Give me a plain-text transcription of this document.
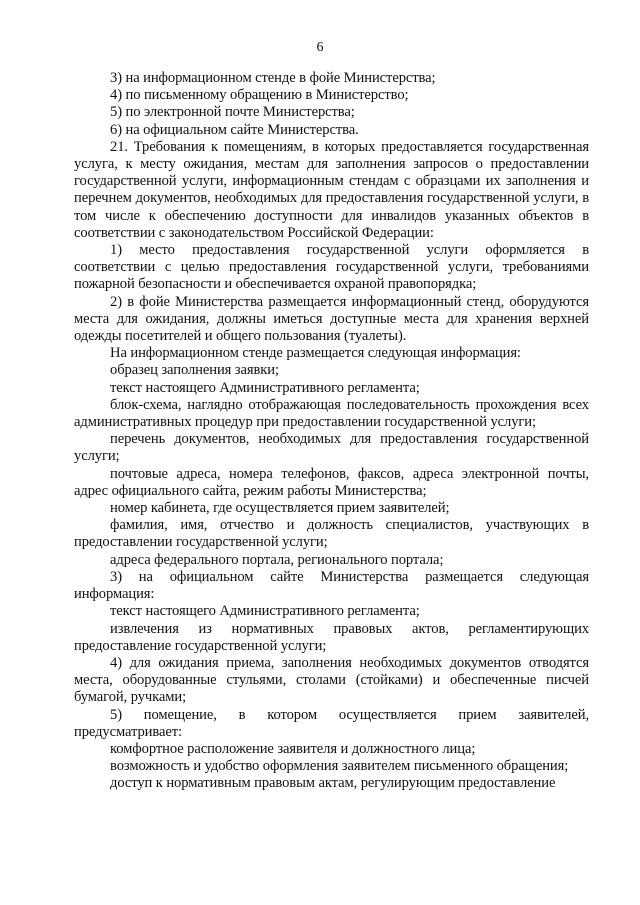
6

3) на информационном стенде в фойе Министерства;

4) по письменному обращению в Министерство;

5) по электронной почте Министерства;

6) на официальном сайте Министерства.

21. Требования к помещениям, в которых предоставляется государственная услуга, к месту ожидания, местам для заполнения запросов о предоставлении государственной услуги, информационным стендам с образцами их заполнения и перечнем документов, необходимых для предоставления государственной услуги, в том числе к обеспечению доступности для инвалидов указанных объектов в соответствии с законодательством Российской Федерации:

1) место предоставления государственной услуги оформляется в соответствии с целью предоставления государственной услуги, требованиями пожарной безопасности и обеспечивается охраной правопорядка;

2) в фойе Министерства размещается информационный стенд, оборудуются места для ожидания, должны иметься доступные места для хранения верхней одежды посетителей и общего пользования (туалеты).

На информационном стенде размещается следующая информация:

образец заполнения заявки;

текст настоящего Административного регламента;

блок-схема, наглядно отображающая последовательность прохождения всех административных процедур при предоставлении государственной услуги;

перечень документов, необходимых для предоставления государственной услуги;

почтовые адреса, номера телефонов, факсов, адреса электронной почты, адрес официального сайта, режим работы Министерства;

номер кабинета, где осуществляется прием заявителей;

фамилия, имя, отчество и должность специалистов, участвующих в предоставлении государственной услуги;

адреса федерального портала, регионального портала;

3) на официальном сайте Министерства размещается следующая информация:

текст настоящего Административного регламента;

извлечения из нормативных правовых актов, регламентирующих предоставление государственной услуги;

4) для ожидания приема, заполнения необходимых документов отводятся места, оборудованные стульями, столами (стойками) и обеспеченные писчей бумагой, ручками;

5) помещение, в котором осуществляется прием заявителей, предусматривает:

комфортное расположение заявителя и должностного лица;

возможность и удобство оформления заявителем письменного обращения;

доступ к нормативным правовым актам, регулирующим предоставление
